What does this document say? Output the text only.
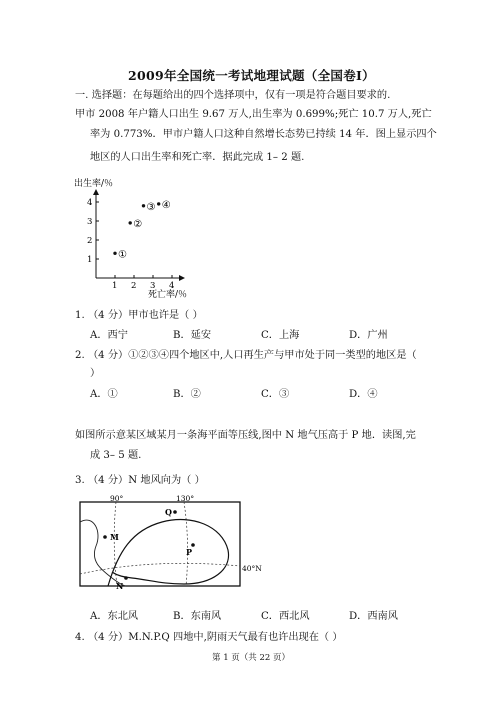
2009年全国统一考试地理试题（全国卷Ⅰ）
一. 选择题：在每题给出的四个选择项中，仅有一项是符合题目要求的.
甲市 2008 年户籍人口出生 9.67 万人,出生率为 0.699%;死亡 10.7 万人,死亡
率为 0.773%．甲市户籍人口这种自然增长态势已持续 14 年．图上显示四个
地区的人口出生率和死亡率．据此完成 1– 2 题.
出生率/％
1
2
3
4
1 2 3 4
①
②
③ ④
死亡率/％
1. （4 分）甲市也许是（ ）
A．西宁	B．延安	C．上海	D．广州
2. （4 分）①②③④四个地区中,人口再生产与甲市处于同一类型的地区是（
）
A．①	B．②	C．③	D．④
如图所示意某区域某月一条海平面等压线,图中 N 地气压高于 P 地．读图,完
成 3– 5 题.
3. （4 分）N 地风向为（ ）
90°	130°
40°N
M
N
P
Q
A．东北风	B．东南风	C．西北风	D．西南风
4. （4 分）M.N.P.Q 四地中,阴雨天气最有也许出现在（ ）
第 1 页（共 22 页）
